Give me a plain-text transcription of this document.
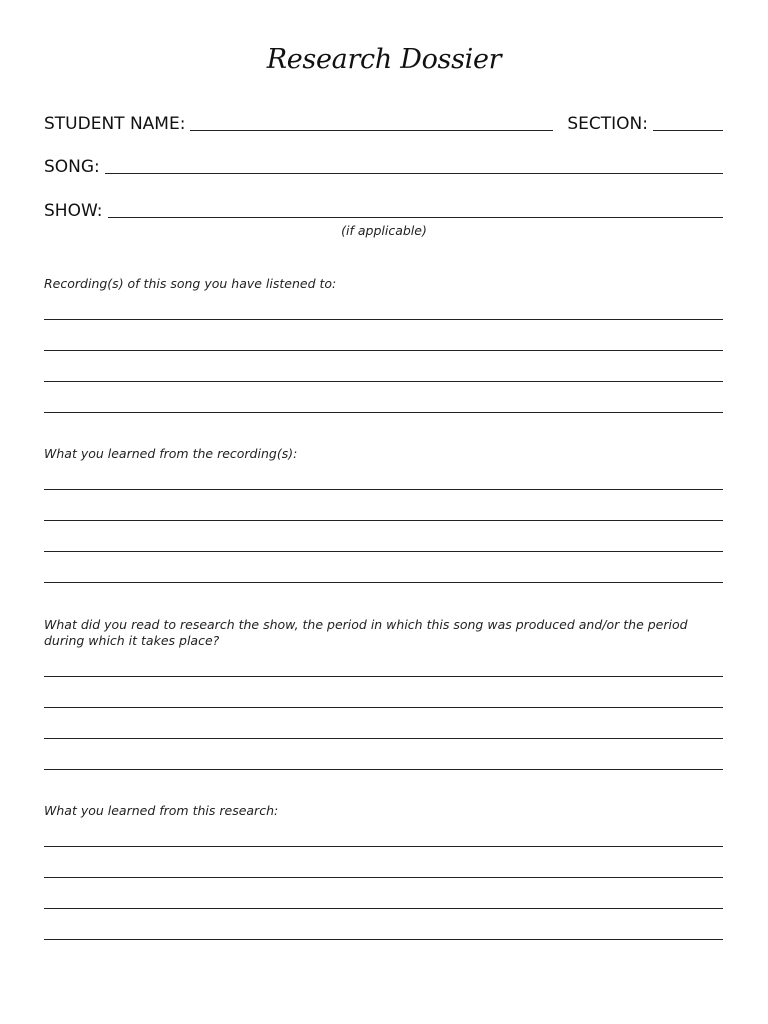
Research Dossier
STUDENT NAME:	SECTION:
SONG:
SHOW:
(if applicable)
Recording(s) of this song you have listened to:
What you learned from the recording(s):
What did you read to research the show, the period in which this song was produced and/or the period during which it takes place?
What you learned from this research:
